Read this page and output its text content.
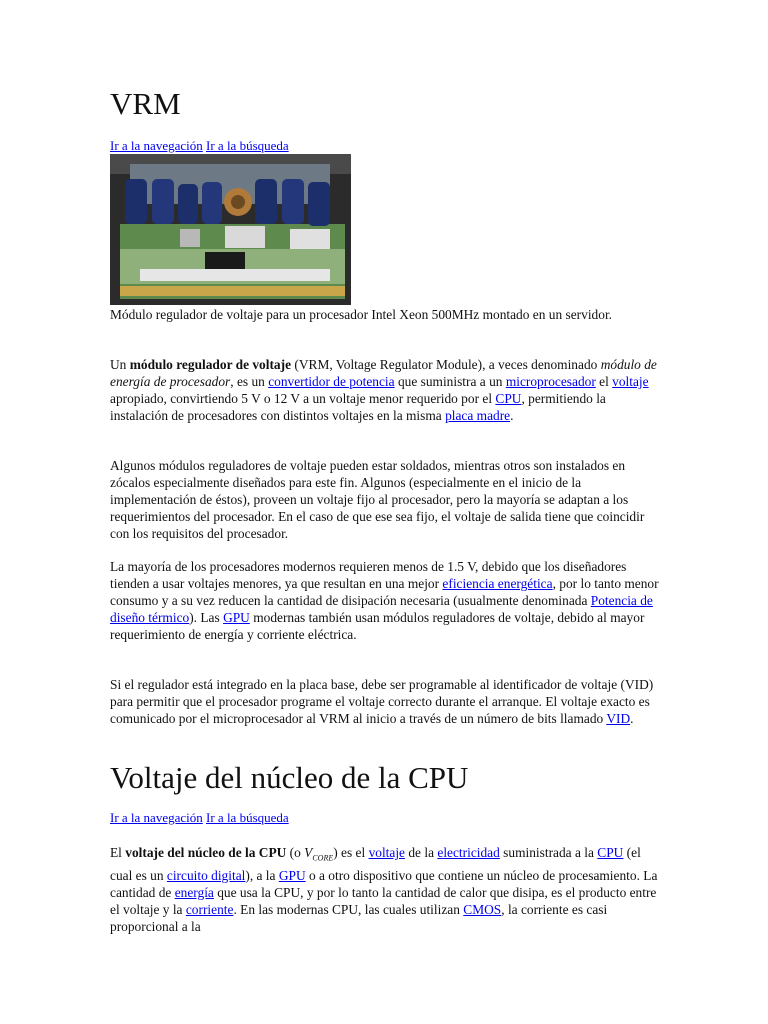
VRM
Ir a la navegación Ir a la búsqueda

Módulo regulador de voltaje para un procesador Intel Xeon 500MHz montado en un servidor.

Un módulo regulador de voltaje (VRM, Voltage Regulator Module), a veces denominado módulo de energía de procesador, es un convertidor de potencia que suministra a un microprocesador el voltaje apropiado, convirtiendo 5 V o 12 V a un voltaje menor requerido por el CPU, permitiendo la instalación de procesadores con distintos voltajes en la misma placa madre.

Algunos módulos reguladores de voltaje pueden estar soldados, mientras otros son instalados en zócalos especialmente diseñados para este fin. Algunos (especialmente en el inicio de la implementación de éstos), proveen un voltaje fijo al procesador, pero la mayoría se adaptan a los requerimientos del procesador. En el caso de que ese sea fijo, el voltaje de salida tiene que coincidir con los requisitos del procesador.

La mayoría de los procesadores modernos requieren menos de 1.5 V, debido que los diseñadores tienden a usar voltajes menores, ya que resultan en una mejor eficiencia energética, por lo tanto menor consumo y a su vez reducen la cantidad de disipación necesaria (usualmente denominada Potencia de diseño térmico). Las GPU modernas también usan módulos reguladores de voltaje, debido al mayor requerimiento de energía y corriente eléctrica.

Si el regulador está integrado en la placa base, debe ser programable al identificador de voltaje (VID) para permitir que el procesador programe el voltaje correcto durante el arranque. El voltaje exacto es comunicado por el microprocesador al VRM al inicio a través de un número de bits llamado VID.

Voltaje del núcleo de la CPU
Ir a la navegación Ir a la búsqueda

El voltaje del núcleo de la CPU (o $V_{CORE}$) es el voltaje de la electricidad suministrada a la CPU (el cual es un circuito digital), a la GPU o a otro dispositivo que contiene un núcleo de procesamiento. La cantidad de energía que usa la CPU, y por lo tanto la cantidad de calor que disipa, es el producto entre el voltaje y la corriente. En las modernas CPU, las cuales utilizan CMOS, la corriente es casi proporcional a la
